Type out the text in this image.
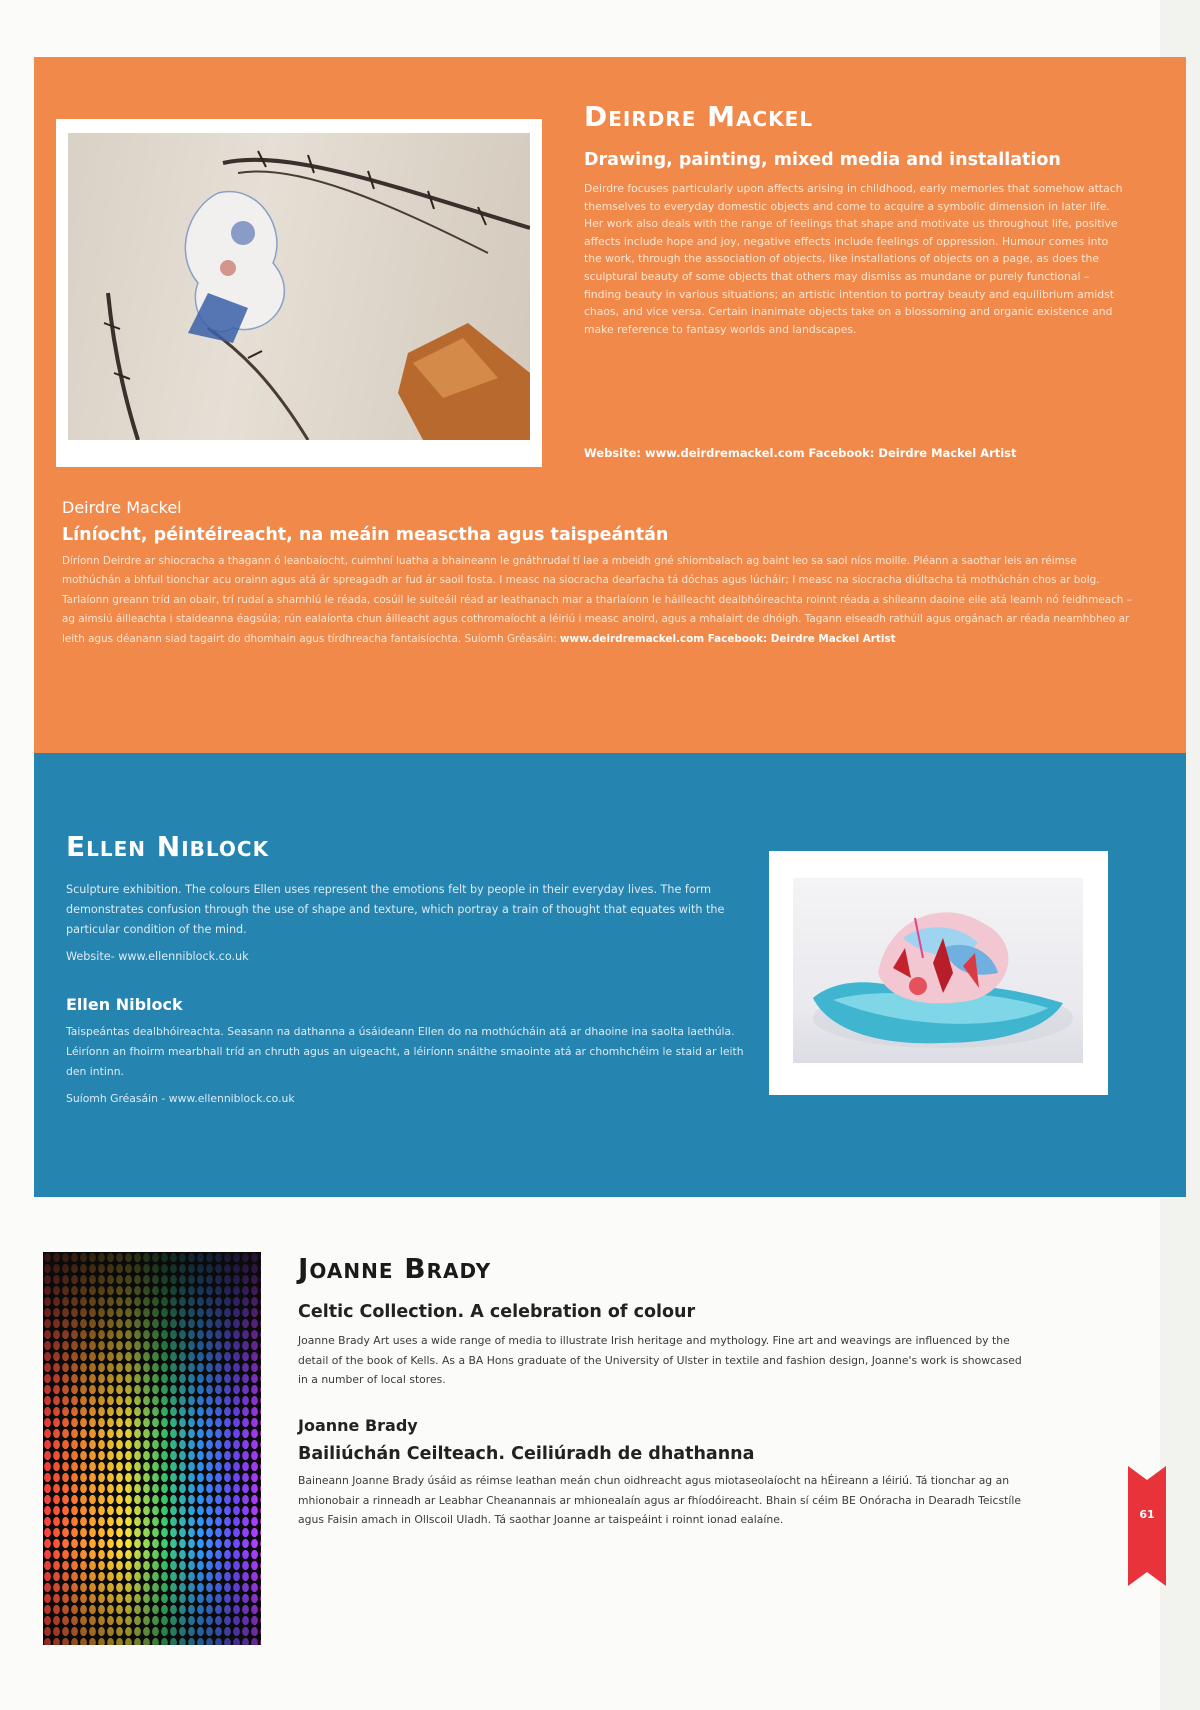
Deirdre Mackel
Drawing, painting, mixed media and installation

Deirdre focuses particularly upon affects arising in childhood, early memories that somehow attach themselves to everyday domestic objects and come to acquire a symbolic dimension in later life. Her work also deals with the range of feelings that shape and motivate us throughout life, positive affects include hope and joy, negative effects include feelings of oppression. Humour comes into the work, through the association of objects, like installations of objects on a page, as does the sculptural beauty of some objects that others may dismiss as mundane or purely functional – finding beauty in various situations; an artistic intention to portray beauty and equilibrium amidst chaos, and vice versa. Certain inanimate objects take on a blossoming and organic existence and make reference to fantasy worlds and landscapes.

Website: www.deirdremackel.com Facebook: Deirdre Mackel Artist
Deirdre Mackel
Líníocht, péintéireacht, na meáin measctha agus taispeántán

Díríonn Deirdre ar shiocracha a thagann ó leanbaíocht, cuimhní luatha a bhaineann le gnáthrudaí tí lae a mbeidh gné shiombalach ag baint leo sa saol níos moille. Pléann a saothar leis an réimse mothúchán a bhfuil tionchar acu orainn agus atá ár spreagadh ar fud ár saoil fosta. I measc na siocracha dearfacha tá dóchas agus lúcháir; I measc na siocracha diúltacha tá mothúchán chos ar bolg. Tarlaíonn greann tríd an obair, trí rudaí a shamhlú le réada, cosúil le suiteáil réad ar leathanach mar a tharlaíonn le háilleacht dealbhóireachta roinnt réada a shíleann daoine eile atá leamh nó feidhmeach – ag aimsiú áilleachta i staideanna éagsúla; rún ealaíonta chun áilleacht agus cothromaíocht a léiriú i measc anoird, agus a mhalairt de dhóigh. Tagann eiseadh rathúil agus orgánach ar réada neamhbheo ar leith agus déanann siad tagairt do dhomhain agus tírdhreacha fantaisíochta. Suíomh Gréasáin: www.deirdremackel.com Facebook: Deirdre Mackel Artist

Ellen Niblock

Sculpture exhibition. The colours Ellen uses represent the emotions felt by people in their everyday lives. The form demonstrates confusion through the use of shape and texture, which portray a train of thought that equates with the particular condition of the mind.

Website- www.ellenniblock.co.uk
Ellen Niblock

Taispeántas dealbhóireachta. Seasann na dathanna a úsáideann Ellen do na mothúcháin atá ar dhaoine ina saolta laethúla. Léiríonn an fhoirm mearbhall tríd an chruth agus an uigeacht, a léiríonn snáithe smaointe atá ar chomhchéim le staid ar leith den intinn.

Suíomh Gréasáin - www.ellenniblock.co.uk
Joanne Brady
Celtic Collection. A celebration of colour

Joanne Brady Art uses a wide range of media to illustrate Irish heritage and mythology. Fine art and weavings are influenced by the detail of the book of Kells. As a BA Hons graduate of the University of Ulster in textile and fashion design, Joanne's work is showcased in a number of local stores.

Joanne Brady
Bailiúchán Ceilteach. Ceiliúradh de dhathanna

Baineann Joanne Brady úsáid as réimse leathan meán chun oidhreacht agus miotaseolaíocht na hÉireann a léiriú. Tá tionchar ag an mhionobair a rinneadh ar Leabhar Cheanannais ar mhionealaín agus ar fhíodóireacht. Bhain sí céim BE Onóracha in Dearadh Teicstíle agus Faisin amach in Ollscoil Uladh. Tá saothar Joanne ar taispeáint i roinnt ionad ealaíne.	61
